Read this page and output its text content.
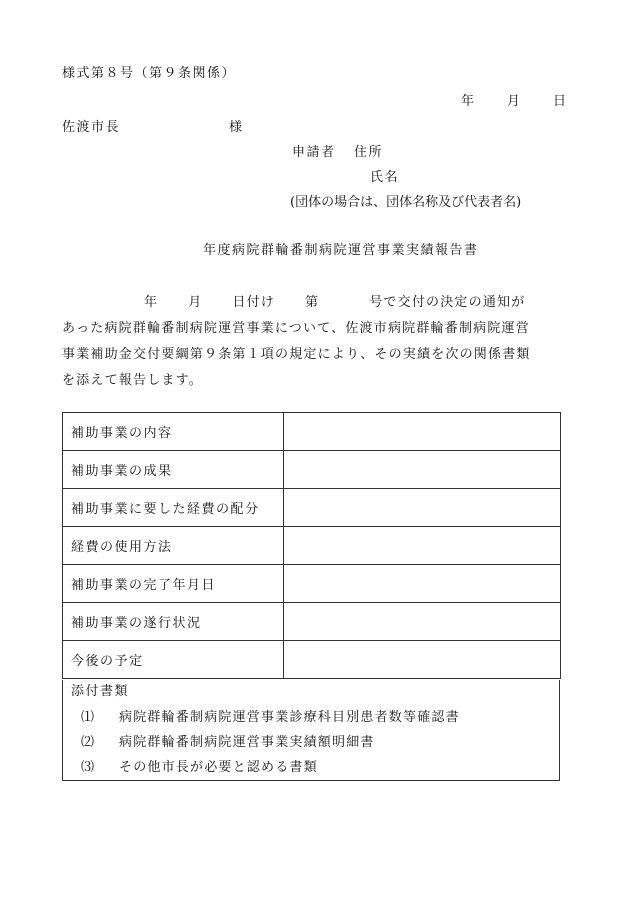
様式第８号（第９条関係）
年	月	日
佐渡市長	様
申請者 住所
氏名
(団体の場合は、団体名称及び代表者名)
年度病院群輪番制病院運営事業実績報告書
年 月 日付け 第	号で交付の決定の通知が
あった病院群輪番制病院運営事業について、佐渡市病院群輪番制病院運営
事業補助金交付要綱第９条第１項の規定により、その実績を次の関係書類
を添えて報告します。
補助事業の内容	
補助事業の成果	
補助事業に要した経費の配分	
経費の使用方法	
補助事業の完了年月日	
補助事業の遂行状況	
今後の予定	
添付書類
⑴ 病院群輪番制病院運営事業診療科目別患者数等確認書
⑵ 病院群輪番制病院運営事業実績額明細書
⑶ その他市長が必要と認める書類
